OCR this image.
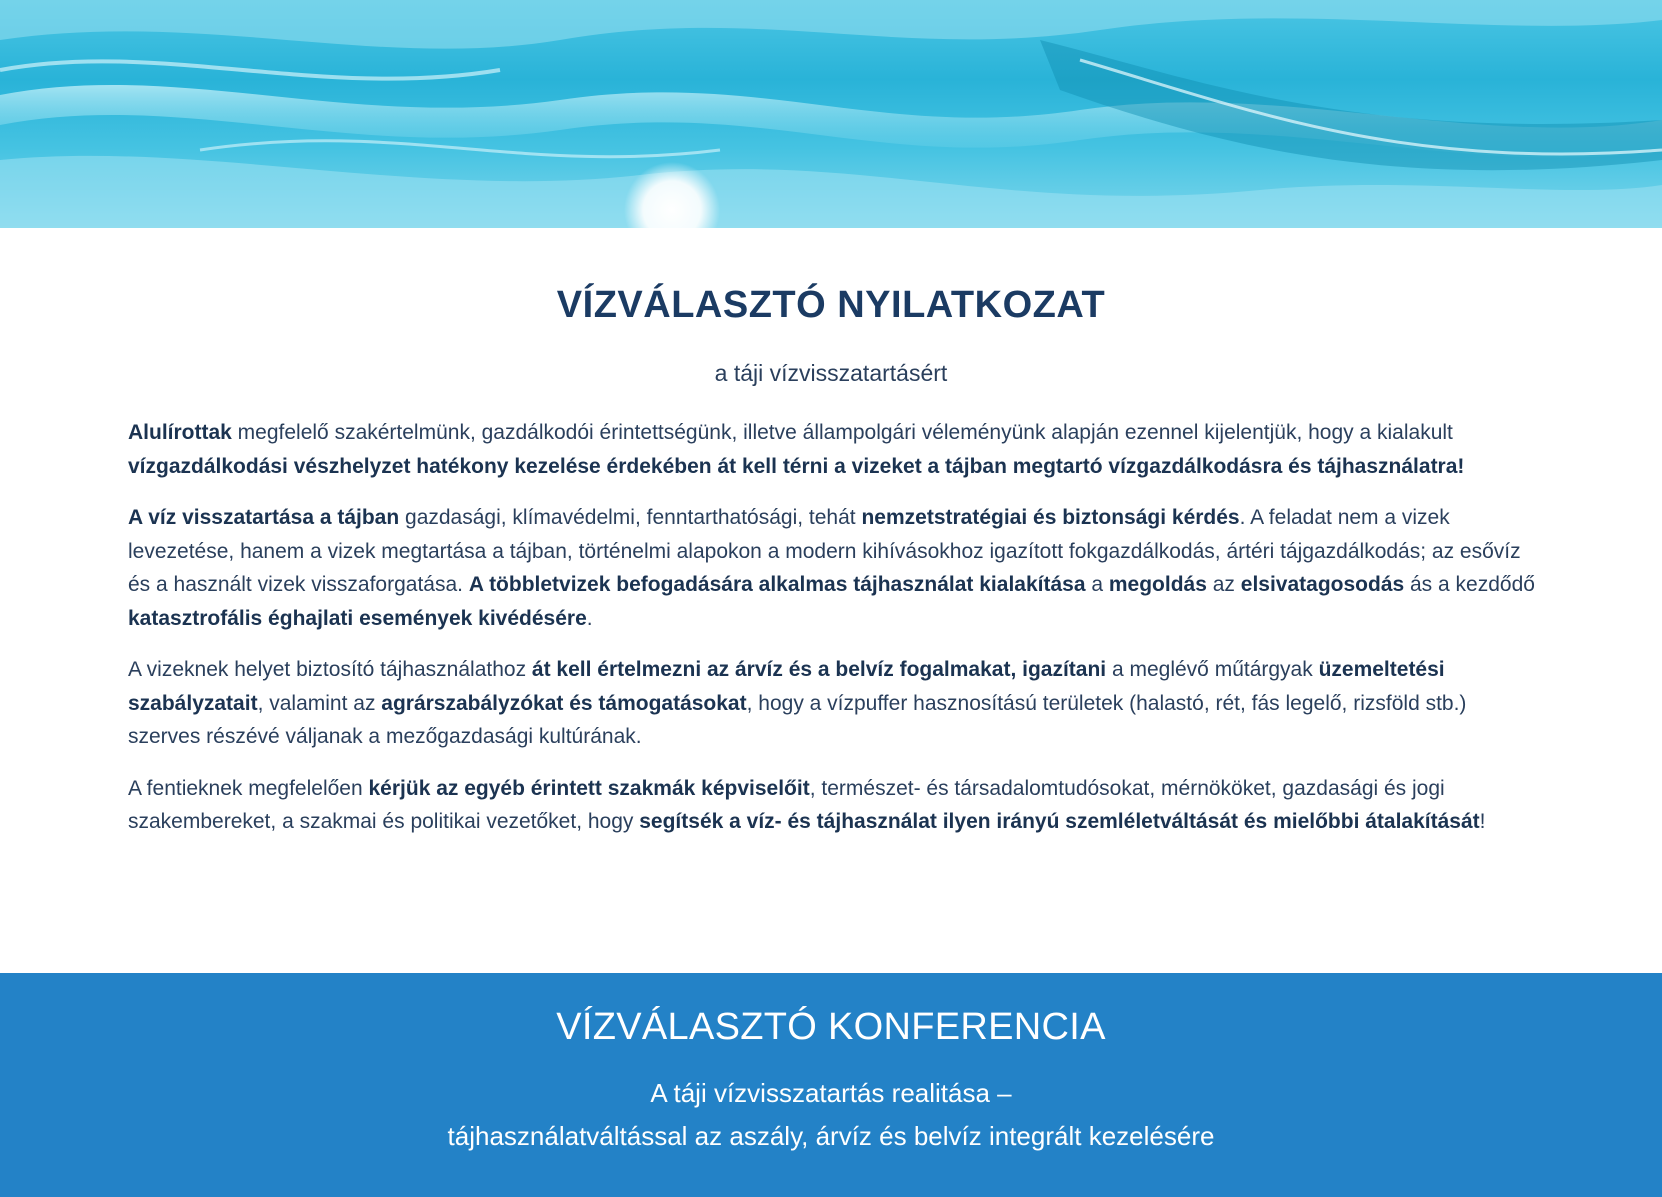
VÍZVÁLASZTÓ NYILATKOZAT

a táji vízvisszatartásért

Alulírottak megfelelő szakértelmünk, gazdálkodói érintettségünk, illetve állampolgári véleményünk alapján ezennel kijelentjük, hogy a kialakult vízgazdálkodási vészhelyzet hatékony kezelése érdekében át kell térni a vizeket a tájban megtartó vízgazdálkodásra és tájhasználatra!

A víz visszatartása a tájban gazdasági, klímavédelmi, fenntarthatósági, tehát nemzetstratégiai és biztonsági kérdés. A feladat nem a vizek levezetése, hanem a vizek megtartása a tájban, történelmi alapokon a modern kihívásokhoz igazított fokgazdálkodás, ártéri tájgazdálkodás; az esővíz és a használt vizek visszaforgatása. A többletvizek befogadására alkalmas tájhasználat kialakítása a megoldás az elsivatagosodás ás a kezdődő katasztrofális éghajlati események kivédésére.

A vizeknek helyet biztosító tájhasználathoz át kell értelmezni az árvíz és a belvíz fogalmakat, igazítani a meglévő műtárgyak üzemeltetési szabályzatait, valamint az agrárszabályzókat és támogatásokat, hogy a vízpuffer hasznosítású területek (halastó, rét, fás legelő, rizsföld stb.) szerves részévé váljanak a mezőgazdasági kultúrának.

A fentieknek megfelelően kérjük az egyéb érintett szakmák képviselőit, természet- és társadalomtudósokat, mérnököket, gazdasági és jogi szakembereket, a szakmai és politikai vezetőket, hogy segítsék a víz- és tájhasználat ilyen irányú szemléletváltását és mielőbbi átalakítását!

VÍZVÁLASZTÓ KONFERENCIA

A táji vízvisszatartás realitása –

tájhasználatváltással az aszály, árvíz és belvíz integrált kezelésére
